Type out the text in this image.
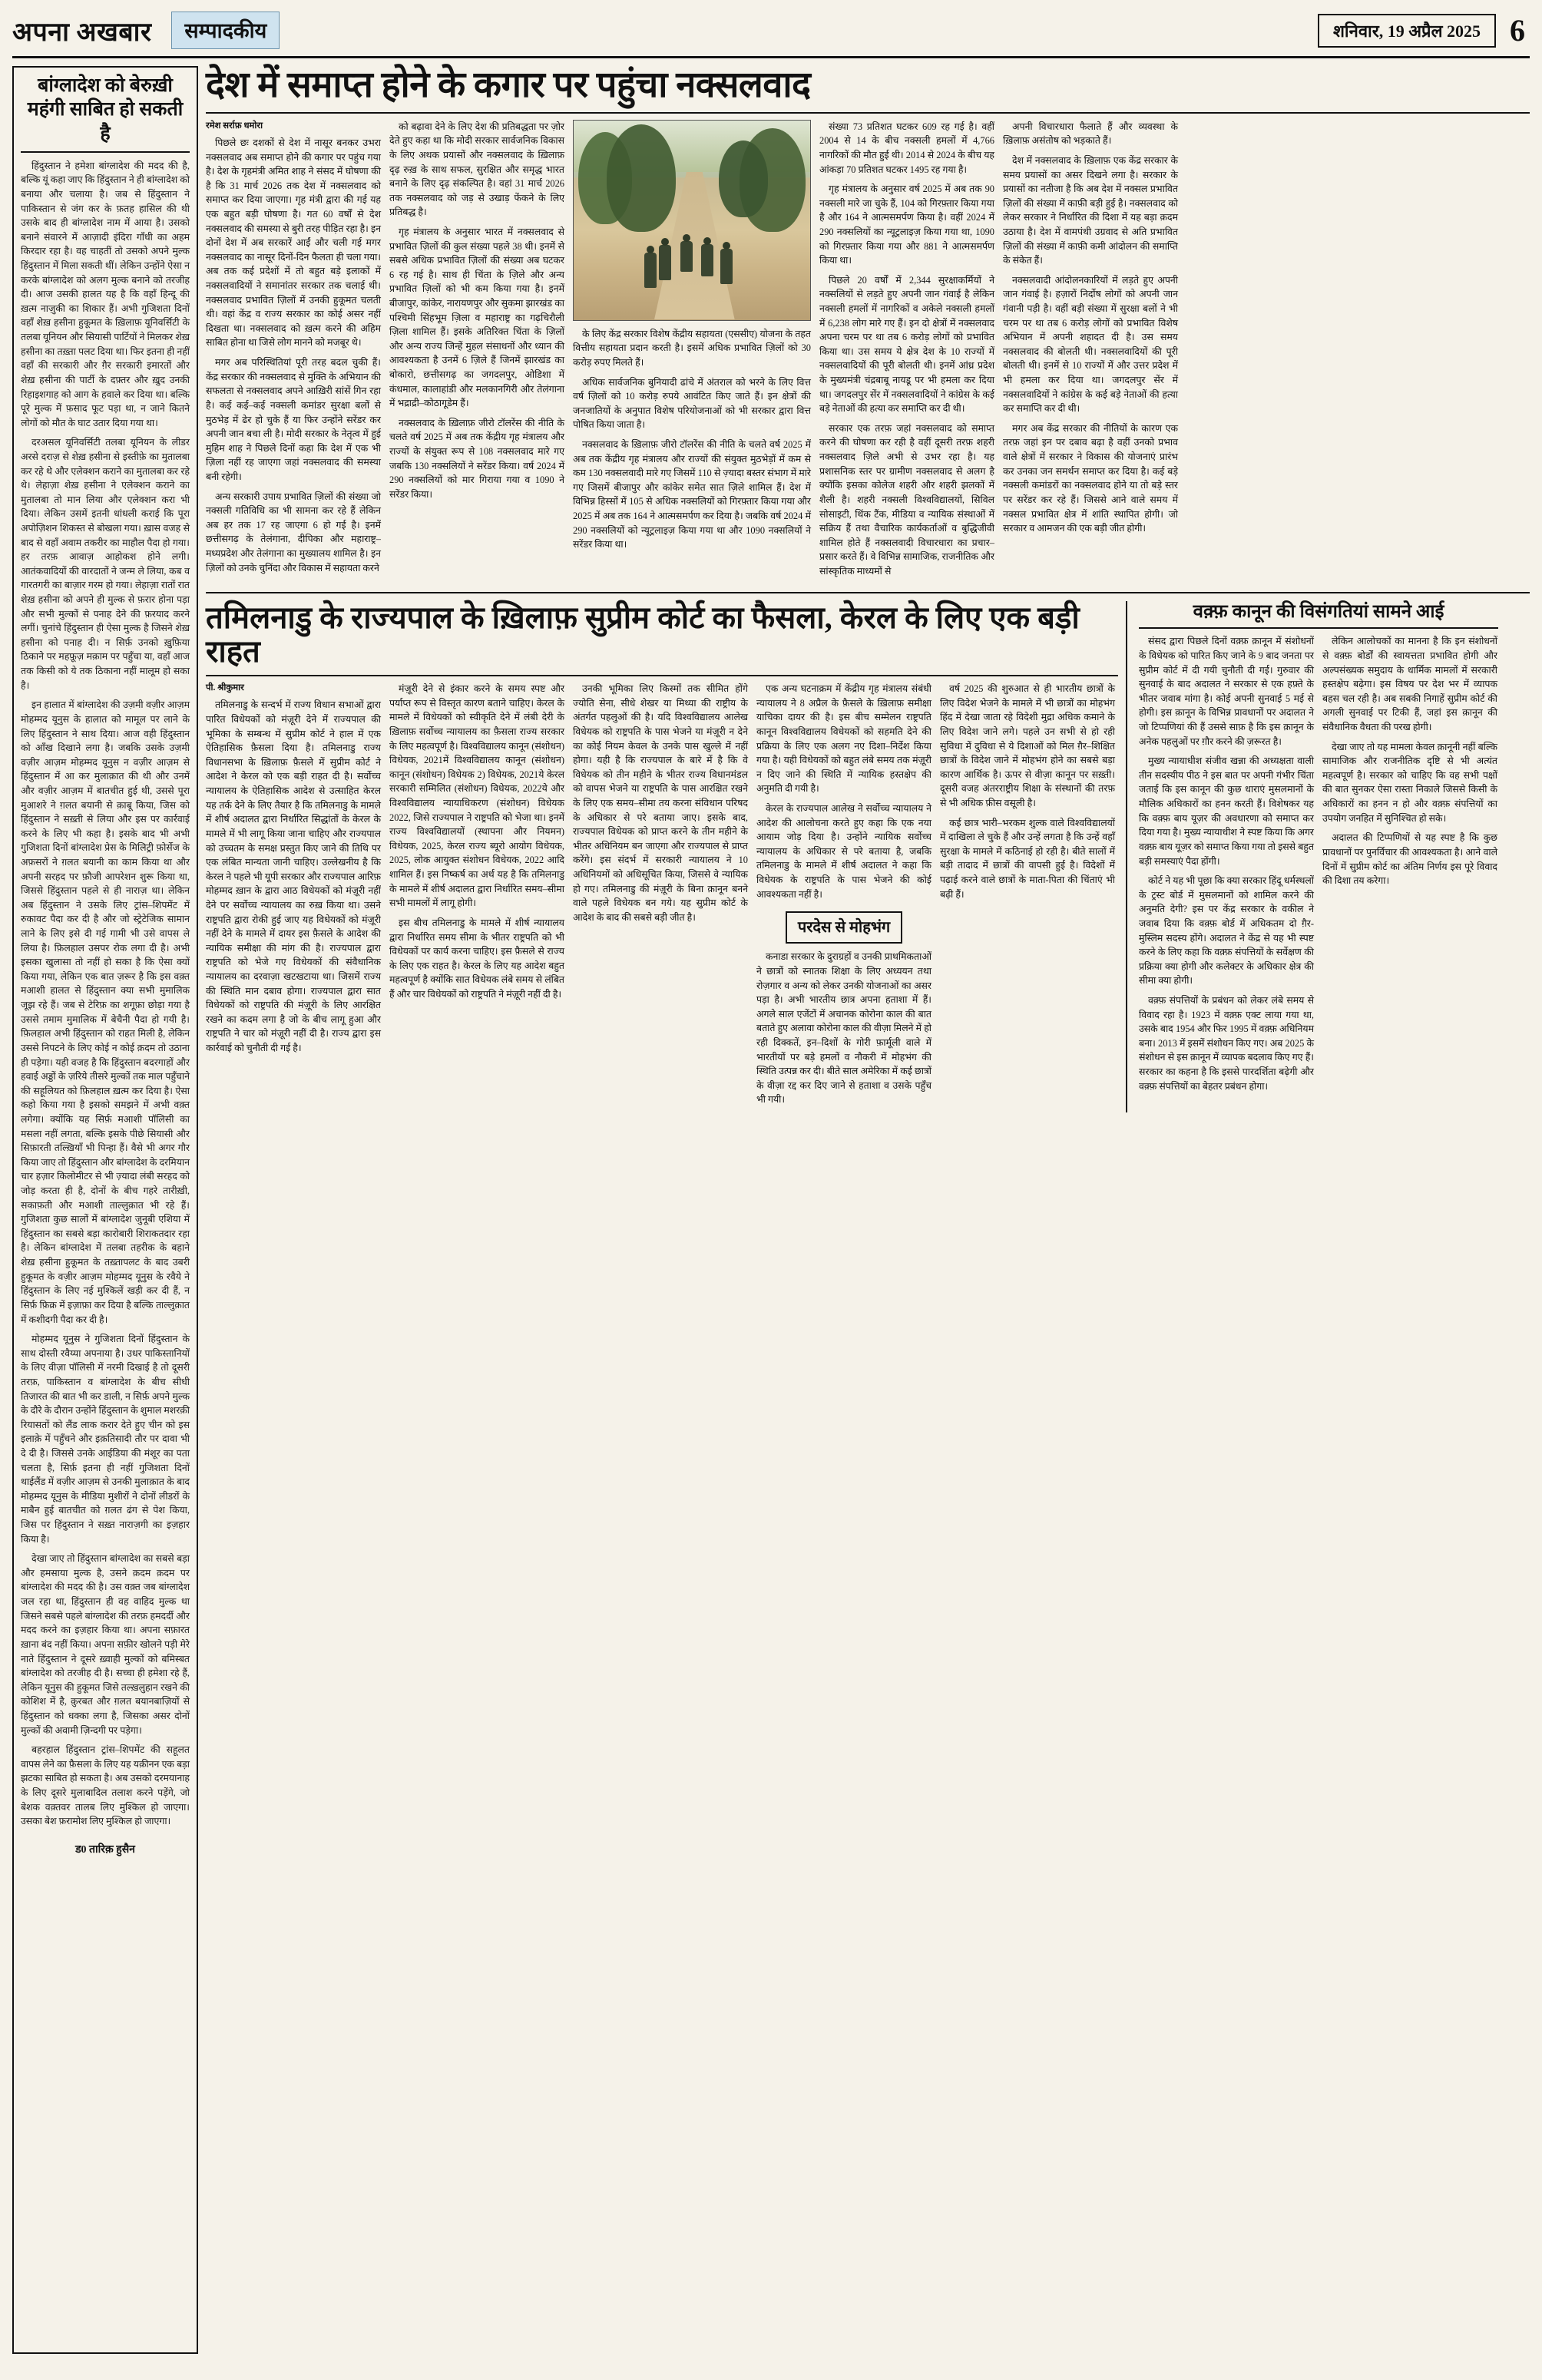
अपना अखबार	सम्पादकीय	शनिवार, 19 अप्रैल 2025 6
बांग्लादेश को बेरुख़ी महंगी साबित हो सकती है

हिंदुस्तान ने हमेशा बांग्लादेश की मदद की है, बल्कि यूं कहा जाए कि हिंदुस्तान ने ही बांग्लादेश को बनाया और चलाया है। जब से हिंदुस्तान ने पाकिस्तान से जंग कर के फ़तह हासिल की थी उसके बाद ही बांग्लादेश नाम में आया है। उसको बनाने संवारने में आज़ादी इंदिरा गाँधी का अहम किरदार रहा है। वह चाहतीं तो उसको अपने मुल्क हिंदुस्तान में मिला सकती थीं। लेकिन उन्होंने ऐसा न करके बांग्लादेश को अलग मुल्क बनाने को तरजीह दी। आज उसकी हालत यह है कि वहाँ हिन्दू की ख़त्म नाज़ुकी का शिकार हैं। अभी गुजिशता दिनों वहाँ शेख़ हसीना हुकूमत के ख़िलाफ़ यूनिवर्सिटी के तलबा यूनियन और सियासी पार्टियों ने मिलकर शेख़ हसीना का तख़्ता पलट दिया था। फिर इतना ही नहीं वहाँ की सरकारी और ग़ैर सरकारी इमारतों और शेख़ हसीना की पार्टी के दफ़्तर और ख़ुद उनकी रिहाइशगाह को आग के हवाले कर दिया था। बल्कि पूरे मुल्क में फ़साद फूट पड़ा था, न जाने कितने लोगों को मौत के घाट उतार दिया गया था।

दरअसल यूनिवर्सिटी तलबा यूनियन के लीडर अरसे दराज़ से शेख़ हसीना से इस्तीफ़े का मुतालबा कर रहे थे और एलेक्शन कराने का मुतालबा कर रहे थे। लेहाज़ा शेख़ हसीना ने एलेक्शन कराने का मुतालबा तो मान लिया और एलेक्शन करा भी दिया। लेकिन उसमें इतनी धांधली कराई कि पूरा अपोज़िशन शिकस्त से बोखला गया। ख़ास वजह से बाद से वहाँ अवाम तकरीर का माहौल पैदा हो गया। हर तरफ़ आवाज़ आहोकश होने लगी। आतंकवादियों की वारदातों ने जन्म ले लिया, कब व गारतगरी का बाज़ार गरम हो गया। लेहाज़ा रातों रात शेख़ हसीना को अपने ही मुल्क से फ़रार होना पड़ा और सभी मुल्कों से पनाह देने की फ़रयाद करने लगीं। चुनांचे हिंदुस्तान ही ऐसा मुल्क है जिसने शेख़ हसीना को पनाह दी। न सिर्फ़ उनको ख़ुफ़िया ठिकाने पर महफ़ूज़ मक़ाम पर पहुँचा या, वहाँ आज तक किसी को ये तक ठिकाना नहीं मालूम हो सका है।

इन हालात में बांग्लादेश की उज़मी वज़ीर आज़म मोहम्मद यूनुस के हालात को मामूल पर लाने के लिए हिंदुस्तान ने साथ दिया। आज वही हिंदुस्तान को आँख दिखाने लगा है। जबकि उसके उज़मी वज़ीर आज़म मोहम्मद यूनुस न वज़ीर आज़म से हिंदुस्तान में आ कर मुलाक़ात की थी और उनमें और वज़ीर आज़म में बातचीत हुई थी, उससे पूरा मुआशरे ने ग़लत बयानी से क़ाबू किया, जिस को हिंदुस्तान ने सख़्ती से लिया और इस पर कार्रवाई करने के लिए भी कहा है। इसके बाद भी अभी गुजिशता दिनों बांग्लादेश प्रेस के मिलिट्री फ़ोर्सेज के अफ़सरों ने ग़लत बयानी का काम किया था और अपनी सरहद पर फ़ौजी आपरेशन शुरू किया था, जिससे हिंदुस्तान पहले से ही नाराज़ था। लेकिन अब हिंदुस्तान ने उसके लिए ट्रांस–शिपमेंट में रुकावट पैदा कर दी है और जो स्ट्रेटेजिक सामान लाने के लिए इसे दी गई गामी भी उसे वापस ले लिया है। फ़िलहाल उसपर रोक लगा दी है। अभी इसका खुलासा तो नहीं हो सका है कि ऐसा क्यों किया गया, लेकिन एक बात ज़रूर है कि इस वक़्त मआशी हालत से हिंदुस्तान क्या सभी मुमालिक जूझ रहे हैं। जब से टेरिफ़ का शगूफ़ा छोड़ा गया है उससे तमाम मुमालिक में बेचैनी पैदा हो गयी है। फ़िलहाल अभी हिंदुस्तान को राहत मिली है, लेकिन उससे निपटने के लिए कोई न कोई क़दम तो उठाना ही पड़ेगा। यही वजह है कि हिंदुस्तान बदरगाहों और हवाई अड्डों के ज़रिये तीसरे मुल्कों तक माल पहुँचाने की सहूलियत को फ़िलहाल ख़त्म कर दिया है। ऐसा कहो किया गया है इसको समझने में अभी वक़्त लगेगा। क्योंकि यह सिर्फ़ मआशी पॉलिसी का मसला नहीं लगता, बल्कि इसके पीछे सियासी और सिफ़ारती तल्ख़ियाँ भी पिन्हा हैं। वैसे भी अगर गौर किया जाए तो हिंदुस्तान और बांग्लादेश के दरमियान चार हज़ार किलोमीटर से भी ज़्यादा लंबी सरहद को जोड़ करता ही है, दोनों के बीच गहरे तारीख़ी, सकाफ़ती और मआशी ताल्लुक़ात भी रहे हैं। गुजिशता कुछ सालों में बांग्लादेश जुनूबी एशिया में हिंदुस्तान का सबसे बड़ा कारोबारी शिराकतदार रहा है। लेकिन बांग्लादेश में तलबा तहरीक के बहाने शेख़ हसीना हुकूमत के तख़्तापलट के बाद उबरी हुकूमत के वज़ीर आज़म मोहम्मद यूनुस के रवैये ने हिंदुस्तान के लिए नई मुश्किलें खड़ी कर दी हैं, न सिर्फ़ फ़िक्र में इज़ाफ़ा कर दिया है बल्कि ताल्लुक़ात में कशीदगी पैदा कर दी है।

मोहम्मद यूनुस ने गुजिशता दिनों हिंदुस्तान के साथ दोस्ती रवैय्या अपनाया है। उधर पाकिस्तानियों के लिए वीज़ा पॉलिसी में नरमी दिखाई है तो दूसरी तरफ़, पाकिस्तान व बांग्लादेश के बीच सीधी तिजारत की बात भी कर डाली, न सिर्फ़ अपने मुल्क के दौरे के दौरान उन्होंने हिंदुस्तान के शुमाल मशरक़ी रियासतों को लैंड लाक करार देते हुए चीन को इस इलाक़े में पहुँचने और इक़तिसादी तौर पर दावा भी दे दी है। जिससे उनके आईडिया की मंशूर का पता चलता है, सिर्फ़ इतना ही नहीं गुजिशता दिनों थाईलैंड में वज़ीर आज़म से उनकी मुलाक़ात के बाद मोहम्मद यूनुस के मीडिया मुशीरों ने दोनों लीडरों के माबैन हुई बातचीत को ग़लत ढंग से पेश किया, जिस पर हिंदुस्तान ने सख़्त नाराज़गी का इज़हार किया है।

देखा जाए तो हिंदुस्तान बांग्लादेश का सबसे बड़ा और हमसाया मुल्क है, उसने क़दम क़दम पर बांग्लादेश की मदद की है। उस वक़्त जब बांग्लादेश जल रहा था, हिंदुस्तान ही वह वाहिद मुल्क था जिसने सबसे पहले बांग्लादेश की तरफ़ हमदर्दी और मदद करने का इज़हार किया था। अपना सफ़ारत ख़ाना बंद नहीं किया। अपना सफ़ीर खोलने पड़ी मेरे नाते हिंदुस्तान ने दूसरे ख़्वाही मुल्कों को बमिस्बत बांग्लादेश को तरजीह दी है। सच्चा ही हमेशा रहे हैं, लेकिन यूनुस की हुकूमत जिसे तल्ख़लुहान रखने की कोशिश में है, क़ुरबत और ग़लत बयानबाज़ियों से हिंदुस्तान को धक्का लगा है, जिसका असर दोनों मुल्कों की अवामी ज़िन्दगी पर पड़ेगा।

बहरहाल हिंदुस्तान ट्रांस–शिपमेंट की सहूलत वापस लेने का फ़ैसला के लिए यह यक़ीनन एक बड़ा झटका साबित हो सकता है। अब उसको दरमयानाह के लिए दूसरे मुलाबादिल तलाश करने पड़ेंगे, जो बेशक वक़्तवर तालब लिए मुश्किल हो जाएगा। उसका बेश फ़रामोश लिए मुश्किल हो जाएगा।

ड0 तारिक़ हुसैन
देश में समाप्त होने के कगार पर पहुंचा नक्सलवाद
रमेश सर्राफ़ धमोरा

पिछले छः दशकों से देश में नासूर बनकर उभरा नक्सलवाद अब समाप्त होने की कगार पर पहुंच गया है। देश के गृहमंत्री अमित शाह ने संसद में घोषणा की है कि 31 मार्च 2026 तक देश में नक्सलवाद को समाप्त कर दिया जाएगा। गृह मंत्री द्वारा की गई यह एक बहुत बड़ी घोषणा है। गत 60 वर्षों से देश नक्सलवाद की समस्या से बुरी तरह पीड़ित रहा है। इन दोनों देश में अब सरकारें आईं और चली गई मगर नक्सलवाद का नासूर दिनों-दिन फैलता ही चला गया। अब तक कई प्रदेशों में तो बहुत बड़े इलाकों में नक्सलवादियों ने समानांतर सरकार तक चलाई थी। नक्सलवाद प्रभावित ज़िलों में उनकी हुकूमत चलती थी। वहां केंद्र व राज्य सरकार का कोई असर नहीं दिखता था। नक्सलवाद को ख़त्म करने की अहिम साबित होना था जिसे लोग मानने को मजबूर थे।

मगर अब परिस्थितियां पूरी तरह बदल चुकी हैं। केंद्र सरकार की नक्सलवाद से मुक्ति के अभियान की सफलता से नक्सलवाद अपने आख़िरी सांसें गिन रहा है। कई कई–कई नक्सली कमांडर सुरक्षा बलों से मुठभेड़ में ढेर हो चुके हैं या फिर उन्होंने सरेंडर कर अपनी जान बचा ली है। मोदी सरकार के नेतृत्व में हुई मुहिम शाह ने पिछले दिनों कहा कि देश में एक भी ज़िला नहीं रह जाएगा जहां नक्सलवाद की समस्या बनी रहेगी।

अन्य सरकारी उपाय प्रभावित ज़िलों की संख्या जो नक्सली गतिविधि का भी सामना कर रहे हैं लेकिन अब हर तक 17 रह जाएगा 6 हो गई है। इनमें छत्तीसगढ़ के तेलंगाना, दीपिका और महाराष्ट्र–मध्यप्रदेश और तेलंगाना का मुख्यालय शामिल है। इन ज़िलों को उनके चुनिंदा और विकास में सहायता करने

को बढ़ावा देने के लिए देश की प्रतिबद्धता पर ज़ोर देते हुए कहा था कि मोदी सरकार सार्वजनिक विकास के लिए अथक प्रयासों और नक्सलवाद के ख़िलाफ़ दृढ़ रुख़ के साथ सफल, सुरक्षित और समृद्ध भारत बनाने के लिए दृढ़ संकल्पित है। वहां 31 मार्च 2026 तक नक्सलवाद को जड़ से उखाड़ फेंकने के लिए प्रतिबद्ध है।

गृह मंत्रालय के अनुसार भारत में नक्सलवाद से प्रभावित ज़िलों की कुल संख्या पहले 38 थी। इनमें से सबसे अधिक प्रभावित ज़िलों की संख्या अब घटकर 6 रह गई है। साथ ही चिंता के ज़िले और अन्य प्रभावित ज़िलों को भी कम किया गया है। इनमें बीजापुर, कांकेर, नारायणपुर और सुकमा झारखंड का पश्चिमी सिंहभूम ज़िला व महाराष्ट्र का गढ़चिरौली ज़िला शामिल हैं। इसके अतिरिक्त चिंता के ज़िलों और अन्य राज्य जिन्हें मुहल संसाधनों और ध्यान की आवश्यकता है उनमें 6 ज़िले हैं जिनमें झारखंड का बोकारो, छत्तीसगढ़ का जगदलपुर, ओडिशा में कंधमाल, कालाहांडी और मलकानगिरी और तेलंगाना में भद्राद्री–कोठागूडेम हैं।

नक्सलवाद के ख़िलाफ़ जीरो टॉलरेंस की नीति के चलते वर्ष 2025 में अब तक केंद्रीय गृह मंत्रालय और राज्यों के संयुक्त रूप से 108 नक्सलवाद मारे गए जबकि 130 नक्सलियों ने सरेंडर किया। वर्ष 2024 में 290 नक्सलियों को मार गिराया गया व 1090 ने सरेंडर किया।

के लिए केंद्र सरकार विशेष केंद्रीय सहायता (एससीए) योजना के तहत वित्तीय सहायता प्रदान करती है। इसमें अधिक प्रभावित ज़िलों को 30 करोड़ रुपए मिलते हैं।

अधिक सार्वजनिक बुनियादी ढांचे में अंतराल को भरने के लिए वित्त वर्ष ज़िलों को 10 करोड़ रुपये आवंटित किए जाते हैं। इन क्षेत्रों की जनजातियों के अनुपात विशेष परियोजनाओं को भी सरकार द्वारा वित्त पोषित किया जाता है।

नक्सलवाद के ख़िलाफ़ जीरो टॉलरेंस की नीति के चलते वर्ष 2025 में अब तक केंद्रीय गृह मंत्रालय और राज्यों की संयुक्त मुठभेड़ों में कम से कम 130 नक्सलवादी मारे गए जिसमें 110 से ज़्यादा बस्तर संभाग में मारे गए जिसमें बीजापुर और कांकेर समेत सात ज़िले शामिल हैं। देश में विभिन्न हिस्सों में 105 से अधिक नक्सलियों को गिरफ़्तार किया गया और 2025 में अब तक 164 ने आत्मसमर्पण कर दिया है। जबकि वर्ष 2024 में 290 नक्सलियों को न्यूट्रलाइज़ किया गया था और 1090 नक्सलियों ने सरेंडर किया था।

संख्या 73 प्रतिशत घटकर 609 रह गई है। वहीं 2004 से 14 के बीच नक्सली हमलों में 4,766 नागरिकों की मौत हुई थी। 2014 से 2024 के बीच यह आंकड़ा 70 प्रतिशत घटकर 1495 रह गया है।

गृह मंत्रालय के अनुसार वर्ष 2025 में अब तक 90 नक्सली मारे जा चुके हैं, 104 को गिरफ़्तार किया गया है और 164 ने आत्मसमर्पण किया है। वहीं 2024 में 290 नक्सलियों का न्यूट्रलाइज़ किया गया था, 1090 को गिरफ़्तार किया गया और 881 ने आत्मसमर्पण किया था।

पिछले 20 वर्षों में 2,344 सुरक्षाकर्मियों ने नक्सलियों से लड़ते हुए अपनी जान गंवाई है लेकिन नक्सली हमलों में नागरिकों व अकेले नक्सली हमलों में 6,238 लोग मारे गए हैं। इन दो क्षेत्रों में नक्सलवाद अपना चरम पर था तब 6 करोड़ लोगों को प्रभावित किया था। उस समय ये क्षेत्र देश के 10 राज्यों में नक्सलवादियों की पूरी बोलती थी। इनमें आंध्र प्रदेश के मुख्यमंत्री चंद्रबाबू नायडू पर भी हमला कर दिया था। जगदलपुर सेंर में नक्सलवादियों ने कांग्रेस के कई बड़े नेताओं की हत्या कर समाप्ति कर दी थी।

सरकार एक तरफ़ जहां नक्सलवाद को समाप्त करने की घोषणा कर रही है वहीं दूसरी तरफ़ शहरी नक्सलवाद ज़िले अभी से उभर रहा है। यह प्रशासनिक स्तर पर ग्रामीण नक्सलवाद से अलग है क्योंकि इसका कोलेज शहरी और शहरी झलकों में शैली है। शहरी नक्सली विश्वविद्यालयों, सिविल सोसाइटी, थिंक टैंक, मीडिया व न्यायिक संस्थाओं में सक्रिय हैं तथा वैचारिक कार्यकर्ताओं व बुद्धिजीवी शामिल होते हैं नक्सलवादी विचारधारा का प्रचार–प्रसार करते हैं। वे विभिन्न सामाजिक, राजनीतिक और सांस्कृतिक माध्यमों से

अपनी विचारधारा फैलाते हैं और व्यवस्था के ख़िलाफ़ असंतोष को भड़काते हैं।

देश में नक्सलवाद के ख़िलाफ़ एक केंद्र सरकार के समय प्रयासों का असर दिखने लगा है। सरकार के प्रयासों का नतीजा है कि अब देश में नक्सल प्रभावित ज़िलों की संख्या में काफ़ी बड़ी हुई है। नक्सलवाद को लेकर सरकार ने निर्धारित की दिशा में यह बड़ा क़दम उठाया है। देश में वामपंथी उग्रवाद से अति प्रभावित ज़िलों की संख्या में काफ़ी कमी आंदोलन की समाप्ति के संकेत हैं।

नक्सलवादी आंदोलनकारियों में लड़ते हुए अपनी जान गंवाई है। हज़ारों निर्दोष लोगों को अपनी जान गंवानी पड़ी है। वहीं बड़ी संख्या में सुरक्षा बलों ने भी चरम पर था तब 6 करोड़ लोगों को प्रभावित विशेष अभियान में अपनी शहादत दी है। उस समय नक्सलवाद की बोलती थी। नक्सलवादियों की पूरी बोलती थी। इनमें से 10 राज्यों में और उत्तर प्रदेश में भी हमला कर दिया था। जगदलपुर सेंर में नक्सलवादियों ने कांग्रेस के कई बड़े नेताओं की हत्या कर समाप्ति कर दी थी।

मगर अब केंद्र सरकार की नीतियों के कारण एक तरफ़ जहां इन पर दबाव बढ़ा है वहीं उनको प्रभाव वाले क्षेत्रों में सरकार ने विकास की योजनाएं प्रारंभ कर उनका जन समर्थन समाप्त कर दिया है। कई बड़े नक्सली कमांडरों का नक्सलवाद होने या तो बड़े स्तर पर सरेंडर कर रहे हैं। जिससे आने वाले समय में नक्सल प्रभावित क्षेत्र में शांति स्थापित होगी। जो सरकार व आमजन की एक बड़ी जीत होगी।

तमिलनाडु के राज्यपाल के ख़िलाफ़ सुप्रीम कोर्ट का फैसला, केरल के लिए एक बड़ी राहत
पी. श्रीकुमार

तमिलनाडु के सन्दर्भ में राज्य विधान सभाओं द्वारा पारित विधेयकों को मंज़ूरी देने में राज्यपाल की भूमिका के सम्बन्ध में सुप्रीम कोर्ट ने हाल में एक ऐतिहासिक फ़ैसला दिया है। तमिलनाडु राज्य विधानसभा के ख़िलाफ़ फ़ैसले में सुप्रीम कोर्ट ने आदेश ने केरल को एक बड़ी राहत दी है। सर्वोच्च न्यायालय के ऐतिहासिक आदेश से उत्साहित केरल यह तर्क देने के लिए तैयार है कि तमिलनाडु के मामले में शीर्ष अदालत द्वारा निर्धारित सिद्धांतों के केरल के मामले में भी लागू किया जाना चाहिए और राज्यपाल को उच्चतम के समक्ष प्रस्तुत किए जाने की तिथि पर एक लंबित मान्यता जानी चाहिए। उल्लेखनीय है कि केरल ने पहले भी यूपी सरकार और राज्यपाल आरिफ़ मोहम्मद ख़ान के द्वारा आठ विधेयकों को मंज़ूरी नहीं देने पर सर्वोच्च न्यायालय का रुख़ किया था। उसने राष्ट्रपति द्वारा रोकी हुई जाए यह विधेयकों को मंज़ूरी नहीं देने के मामले में दायर इस फ़ैसले के आदेश की न्यायिक समीक्षा की मांग की है। राज्यपाल द्वारा राष्ट्रपति को भेजे गए विधेयकों की संवैधानिक न्यायालय का दरवाज़ा खटखटाया था। जिसमें राज्य की स्थिति मान दबाव होगा। राज्यपाल द्वारा सात विधेयकों को राष्ट्रपति की मंज़ूरी के लिए आरक्षित रखने का कदम लगा है जो के बीच लागू हुआ और राष्ट्रपति ने चार को मंज़ूरी नहीं दी है। राज्य द्वारा इस कार्रवाई को चुनौती दी गई है।

मंज़ूरी देने से इंकार करने के समय स्पष्ट और पर्याप्त रूप से विस्तृत कारण बताने चाहिए। केरल के मामले में विधेयकों को स्वीकृति देने में लंबी देरी के ख़िलाफ़ सर्वोच्च न्यायालय का फ़ैसला राज्य सरकार के लिए महत्वपूर्ण है। विश्वविद्यालय कानून (संशोधन) विधेयक, 2021में विश्वविद्यालय कानून (संशोधन) कानून (संशोधन) विधेयक 2) विधेयक, 2021ये केरल सरकारी सम्मिलित (संशोधन) विधेयक, 2022ये और विश्वविद्यालय न्यायाधिकरण (संशोधन) विधेयक 2022, जिसे राज्यपाल ने राष्ट्रपति को भेजा था। इनमें राज्य विश्वविद्यालयों (स्थापना और नियमन) विधेयक, 2025, केरल राज्य ब्यूरो आयोग विधेयक, 2025, लोक आयुक्त संशोधन विधेयक, 2022 आदि शामिल हैं। इस निष्कर्ष का अर्थ यह है कि तमिलनाडु के मामले में शीर्ष अदालत द्वारा निर्धारित समय–सीमा सभी मामलों में लागू होगी।

इस बीच तमिलनाडु के मामले में शीर्ष न्यायालय द्वारा निर्धारित समय सीमा के भीतर राष्ट्रपति को भी विधेयकों पर कार्य करना चाहिए। इस फ़ैसले से राज्य के लिए एक राहत है। केरल के लिए यह आदेश बहुत महत्वपूर्ण है क्योंकि सात विधेयक लंबे समय से लंबित हैं और चार विधेयकों को राष्ट्रपति ने मंज़ूरी नहीं दी है।

उनकी भूमिका लिए किस्मों तक सीमित होंगे ज्योति सेना, सीधे शेखर या मिथ्या की राष्ट्रीय के अंतर्गत पहलुओं की है। यदि विश्वविद्यालय आलेख विधेयक को राष्ट्रपति के पास भेजने या मंज़ूरी न देने का कोई नियम केवल के उनके पास खुल्ले में नहीं होगा। यही है कि राज्यपाल के बारे में है कि वे विधेयक को तीन महीने के भीतर राज्य विधानमंडल को वापस भेजने या राष्ट्रपति के पास आरक्षित रखने के लिए एक समय–सीमा तय करना संविधान परिषद के अधिकार से परे बताया जाए। इसके बाद, राज्यपाल विधेयक को प्राप्त करने के तीन महीने के भीतर अधिनियम बन जाएगा और राज्यपाल से प्राप्त करेंगे। इस संदर्भ में सरकारी न्यायालय ने 10 अधिनियमों को अधिसूचित किया, जिससे वे न्यायिक हो गए। तमिलनाडु की मंज़ूरी के बिना क़ानून बनने वाले पहले विधेयक बन गये। यह सुप्रीम कोर्ट के आदेश के बाद की सबसे बड़ी जीत है।

एक अन्य घटनाक्रम में केंद्रीय गृह मंत्रालय संबंधी न्यायालय ने 8 अप्रैल के फ़ैसले के ख़िलाफ़ समीक्षा याचिका दायर की है। इस बीच सम्मेलन राष्ट्रपति कानून विश्वविद्यालय विधेयकों को सहमति देने की प्रक्रिया के लिए एक अलग नए दिशा–निर्देश किया गया है। यही विधेयकों को बहुत लंबे समय तक मंज़ूरी न दिए जाने की स्थिति में न्यायिक हस्तक्षेप की अनुमति दी गयी है।

केरल के राज्यपाल आलेख ने सर्वोच्च न्यायालय ने आदेश की आलोचना करते हुए कहा कि एक नया आयाम जोड़ दिया है। उन्होंने न्यायिक सर्वोच्च न्यायालय के अधिकार से परे बताया है, जबकि तमिलनाडु के मामले में शीर्ष अदालत ने कहा कि विधेयक के राष्ट्रपति के पास भेजने की कोई आवश्यकता नहीं है।

परदेस से मोहभंग

कनाडा सरकार के दुराग्रहों व उनकी प्राथमिकताओं ने छात्रों को स्नातक शिक्षा के लिए अध्ययन तथा रोज़गार व अन्य को लेकर उनकी योजनाओं का असर पड़ा है। अभी भारतीय छात्र अपना हताशा में हैं। अगले साल एजेंटों में अचानक कोरोना काल की बात बताते हुए अलावा कोरोना काल की वीज़ा मिलने में हो रही दिक्कतें, इन–दिशों के गोरी फ़ार्मूली वाले में भारतीयों पर बड़े हमलों व नौकरी में मोहभंग की स्थिति उत्पन्न कर दी। बीते साल अमेरिका में कई छात्रों के वीज़ा रद्द कर दिए जाने से हताशा व उसके पहुँच भी गयी।

वर्ष 2025 की शुरुआत से ही भारतीय छात्रों के लिए विदेश भेजने के मामले में भी छात्रों का मोहभंग हिंद में देखा जाता रहे विदेशी मुद्रा अधिक कमाने के लिए विदेश जाने लगे। पहले उन सभी से हो रही सुविधा में दुविधा से ये दिशाओं को मिल ग़ैर–शिक्षित छात्रों के विदेश जाने में मोहभंग होने का सबसे बड़ा कारण आर्थिक है। ऊपर से वीज़ा कानून पर सख़्ती। दूसरी वजह अंतरराष्ट्रीय शिक्षा के संस्थानों की तरफ़ से भी अधिक फ़ीस वसूली है।

कई छात्र भारी–भरकम शुल्क वाले विश्वविद्यालयों में दाखिला ले चुके हैं और उन्हें लगता है कि उन्हें वहाँ सुरक्षा के मामले में कठिनाई हो रही है। बीते सालों में बड़ी तादाद में छात्रों की वापसी हुई है। विदेशों में पढ़ाई करने वाले छात्रों के माता-पिता की चिंताएं भी बढ़ी हैं।

वक़्फ़ कानून की विसंगतियां सामने आई

संसद द्वारा पिछले दिनों वक़्फ़ क़ानून में संशोधनों के विधेयक को पारित किए जाने के 9 बाद जनता पर सुप्रीम कोर्ट में दी गयी चुनौती दी गई। गुरुवार की सुनवाई के बाद अदालत ने सरकार से एक हफ़्ते के भीतर जवाब मांगा है। कोई अपनी सुनवाई 5 मई से होगी। इस क़ानून के विभिन्न प्रावधानों पर अदालत ने जो टिप्पणियां की हैं उससे साफ़ है कि इस क़ानून के अनेक पहलुओं पर ग़ौर करने की ज़रूरत है।

मुख्य न्यायाधीश संजीव खन्ना की अध्यक्षता वाली तीन सदस्यीय पीठ ने इस बात पर अपनी गंभीर चिंता जताई कि इस कानून की कुछ धाराएं मुसलमानों के मौलिक अधिकारों का हनन करती हैं। विशेषकर यह कि वक़्फ़ बाय यूज़र की अवधारणा को समाप्त कर दिया गया है। मुख्य न्यायाधीश ने स्पष्ट किया कि अगर वक़्फ़ बाय यूज़र को समाप्त किया गया तो इससे बहुत बड़ी समस्याएं पैदा होंगी।

कोर्ट ने यह भी पूछा कि क्या सरकार हिंदू धर्मस्थलों के ट्रस्ट बोर्ड में मुसलमानों को शामिल करने की अनुमति देगी? इस पर केंद्र सरकार के वकील ने जवाब दिया कि वक़्फ़ बोर्ड में अधिकतम दो ग़ैर-मुस्लिम सदस्य होंगे। अदालत ने केंद्र से यह भी स्पष्ट करने के लिए कहा कि वक़्फ़ संपत्तियों के सर्वेक्षण की प्रक्रिया क्या होगी और कलेक्टर के अधिकार क्षेत्र की सीमा क्या होगी।

वक़्फ़ संपत्तियों के प्रबंधन को लेकर लंबे समय से विवाद रहा है। 1923 में वक़्फ़ एक्ट लाया गया था, उसके बाद 1954 और फिर 1995 में वक़्फ़ अधिनियम बना। 2013 में इसमें संशोधन किए गए। अब 2025 के संशोधन से इस क़ानून में व्यापक बदलाव किए गए हैं। सरकार का कहना है कि इससे पारदर्शिता बढ़ेगी और वक़्फ़ संपत्तियों का बेहतर प्रबंधन होगा।

लेकिन आलोचकों का मानना है कि इन संशोधनों से वक़्फ़ बोर्डों की स्वायत्तता प्रभावित होगी और अल्पसंख्यक समुदाय के धार्मिक मामलों में सरकारी हस्तक्षेप बढ़ेगा। इस विषय पर देश भर में व्यापक बहस चल रही है। अब सबकी निगाहें सुप्रीम कोर्ट की अगली सुनवाई पर टिकी हैं, जहां इस क़ानून की संवैधानिक वैधता की परख होगी।

देखा जाए तो यह मामला केवल क़ानूनी नहीं बल्कि सामाजिक और राजनीतिक दृष्टि से भी अत्यंत महत्वपूर्ण है। सरकार को चाहिए कि वह सभी पक्षों की बात सुनकर ऐसा रास्ता निकाले जिससे किसी के अधिकारों का हनन न हो और वक़्फ़ संपत्तियों का उपयोग जनहित में सुनिश्चित हो सके।

अदालत की टिप्पणियों से यह स्पष्ट है कि कुछ प्रावधानों पर पुनर्विचार की आवश्यकता है। आने वाले दिनों में सुप्रीम कोर्ट का अंतिम निर्णय इस पूरे विवाद की दिशा तय करेगा।
